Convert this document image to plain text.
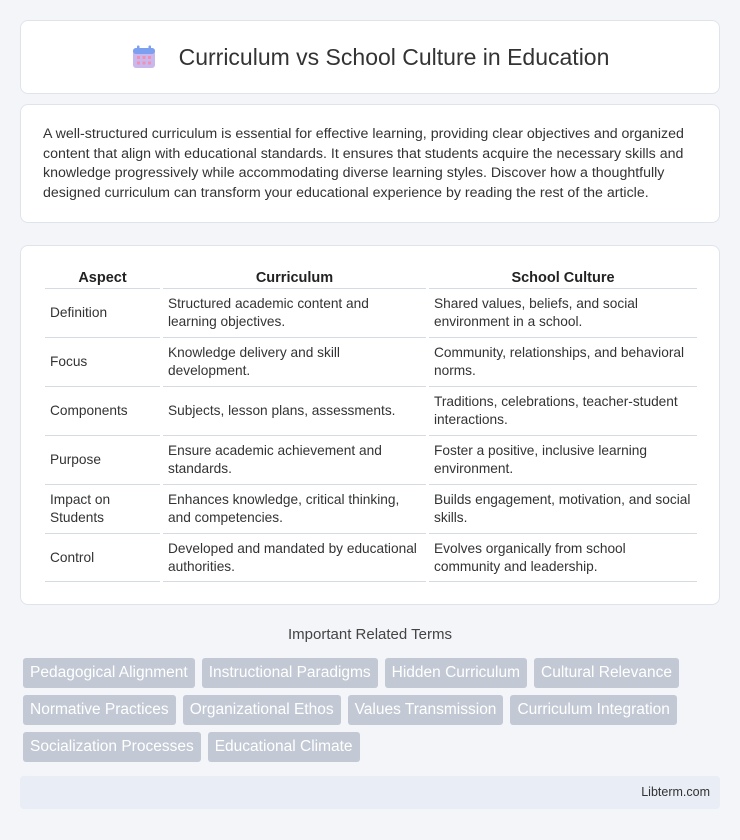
Curriculum vs School Culture in Education

A well-structured curriculum is essential for effective learning, providing clear objectives and organized content that align with educational standards. It ensures that students acquire the necessary skills and knowledge progressively while accommodating diverse learning styles. Discover how a thoughtfully designed curriculum can transform your educational experience by reading the rest of the article.

Aspect	Curriculum	School Culture
Definition	Structured academic content and learning objectives.	Shared values, beliefs, and social environment in a school.
Focus	Knowledge delivery and skill development.	Community, relationships, and behavioral norms.
Components	Subjects, lesson plans, assessments.	Traditions, celebrations, teacher-student interactions.
Purpose	Ensure academic achievement and standards.	Foster a positive, inclusive learning environment.
Impact on Students	Enhances knowledge, critical thinking, and competencies.	Builds engagement, motivation, and social skills.
Control	Developed and mandated by educational authorities.	Evolves organically from school community and leadership.
Important Related Terms
Pedagogical Alignment	Instructional Paradigms	Hidden Curriculum	Cultural Relevance
Normative Practices	Organizational Ethos	Values Transmission	Curriculum Integration
Socialization Processes	Educational Climate
Libterm.com
